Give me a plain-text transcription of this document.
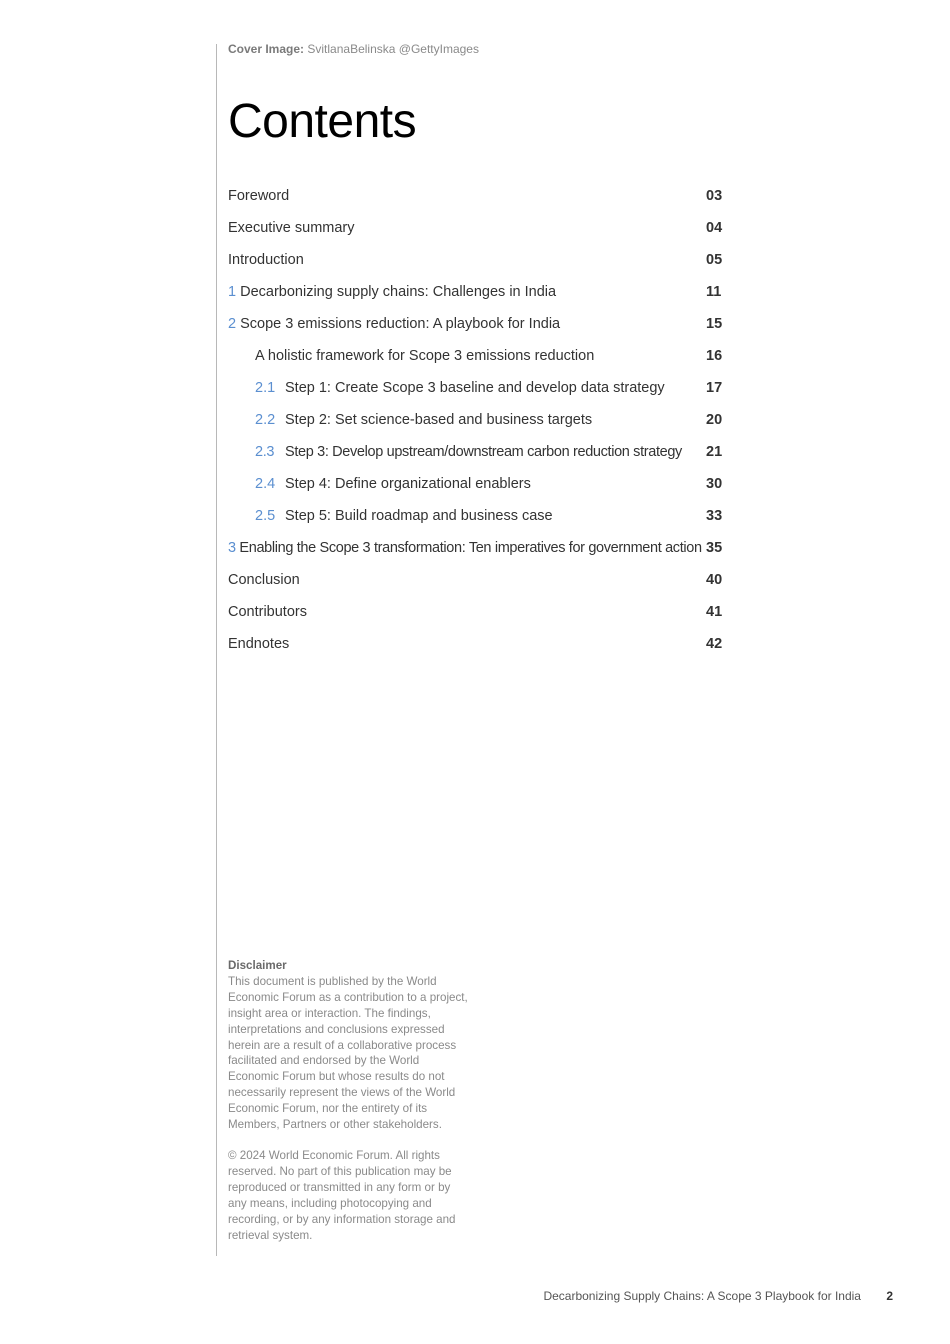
Cover Image: SvitlanaBelinska @GettyImages
Contents
Foreword	03
Executive summary	04
Introduction	05
1 Decarbonizing supply chains: Challenges in India	11
2 Scope 3 emissions reduction: A playbook for India	15
A holistic framework for Scope 3 emissions reduction	16
2.1 Step 1: Create Scope 3 baseline and develop data strategy	17
2.2 Step 2: Set science-based and business targets	20
2.3 Step 3: Develop upstream/downstream carbon reduction strategy 21
2.4 Step 4: Define organizational enablers	30
2.5 Step 5: Build roadmap and business case	33
3 Enabling the Scope 3 transformation: Ten imperatives for government action 35
Conclusion	40
Contributors	41
Endnotes	42

Disclaimer

This document is published by the World Economic Forum as a contribution to a project, insight area or interaction. The findings, interpretations and conclusions expressed herein are a result of a collaborative process facilitated and endorsed by the World Economic Forum but whose results do not necessarily represent the views of the World Economic Forum, nor the entirety of its Members, Partners or other stakeholders.

© 2024 World Economic Forum. All rights reserved. No part of this publication may be reproduced or transmitted in any form or by any means, including photocopying and recording, or by any information storage and retrieval system.

Decarbonizing Supply Chains: A Scope 3 Playbook for India 2
